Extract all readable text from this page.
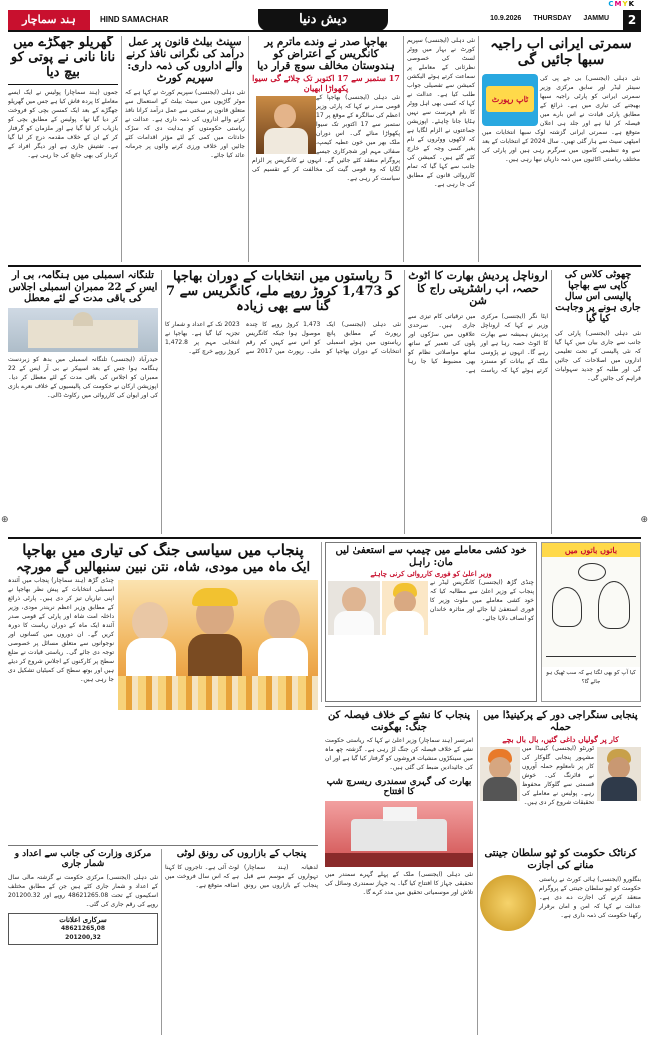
⊕	⊕
CMYK
ہند سماچار	HIND SAMACHAR	دیش دنیا	10.9.2026 THURSDAY JAMMU	2
گھریلو جھگڑے میں نانا نانی نے پوتی کو بیچ دیا
جموں (ہند سماچار) پولیس نے ایک ایسے معاملے کا پردہ فاش کیا ہے جس میں گھریلو جھگڑے کے بعد ایک کمسن بچی کو فروخت کر دیا گیا تھا۔ پولیس کے مطابق بچی کو بازیاب کر لیا گیا ہے اور ملزمان کو گرفتار کر کے ان کے خلاف مقدمہ درج کر لیا گیا ہے۔ تفتیش جاری ہے اور دیگر افراد کے کردار کی بھی جانچ کی جا رہی ہے۔
سینٹ بیلٹ قانون پر عمل درآمد کی نگرانی نافذ کرنے والے اداروں کی ذمہ داری: سپریم کورٹ
نئی دہلی (ایجنسی) سپریم کورٹ نے کہا ہے کہ موٹر گاڑیوں میں سیٹ بیلٹ کے استعمال سے متعلق قانون پر سختی سے عمل درآمد کرانا نافذ کرنے والے اداروں کی ذمہ داری ہے۔ عدالت نے ریاستی حکومتوں کو ہدایت دی کہ سڑک حادثات میں کمی کے لئے مؤثر اقدامات کئے جائیں اور خلاف ورزی کرنے والوں پر جرمانہ عائد کیا جائے۔
بھاجپا صدر نے وندے ماترم پر کانگریس کے اعتراض کو ہندوستان مخالف سوچ قرار دیا
17 ستمبر سے 17 اکتوبر تک چلائے گی سیوا پکھواڑا ابھیان
نئی دہلی (ایجنسی) بھاجپا کے قومی صدر نے کہا کہ پارٹی وزیر اعظم کی سالگرہ کے موقع پر 17 ستمبر سے 17 اکتوبر تک سیوا پکھواڑا منائے گی۔ اس دوران ملک بھر میں خون عطیہ کیمپ، صفائی مہم اور شجرکاری جیسے پروگرام منعقد کئے جائیں گے۔ انہوں نے کانگریس پر الزام لگایا کہ وہ قومی گیت کی مخالفت کر کے تقسیم کی سیاست کر رہی ہے۔
نئی دہلی (ایجنسی) سپریم کورٹ نے بہار میں ووٹر لسٹ کی خصوصی نظرثانی کے معاملے پر سماعت کرتے ہوئے الیکشن کمیشن سے تفصیلی جواب طلب کیا ہے۔ عدالت نے کہا کہ کسی بھی اہل ووٹر کا نام فہرست سے نہیں ہٹایا جانا چاہئے۔ اپوزیشن جماعتوں نے الزام لگایا ہے کہ لاکھوں ووٹروں کے نام بغیر کسی وجہ کے خارج کئے گئے ہیں۔ کمیشن کی جانب سے کہا گیا کہ تمام کارروائی قانون کے مطابق کی جا رہی ہے۔
سمرتی ایرانی اب راجیہ سبھا جائیں گی
ٹاپ رپورٹ
نئی دہلی (ایجنسی) بی جے پی کی سینئر لیڈر اور سابق مرکزی وزیر سمرتی ایرانی کو پارٹی راجیہ سبھا بھیجنے کی تیاری میں ہے۔ ذرائع کے مطابق پارٹی قیادت نے اس بارے میں فیصلہ کر لیا ہے اور جلد ہی اعلان متوقع ہے۔ سمرتی ایرانی گزشتہ لوک سبھا انتخابات میں امیٹھی سیٹ سے ہار گئی تھیں۔ سال 2024 کے انتخابات کے بعد سے وہ تنظیمی کاموں میں سرگرم رہی ہیں اور پارٹی کی مختلف ریاستی اکائیوں میں ذمہ داریاں نبھا رہی ہیں۔
تلنگانہ اسمبلی میں ہنگامہ، بی آر ایس کے 22 ممبران اسمبلی اجلاس کی باقی مدت کے لئے معطل
حیدرآباد (ایجنسی) تلنگانہ اسمبلی میں بدھ کو زبردست ہنگامہ ہوا جس کے بعد اسپیکر نے بی آر ایس کے 22 ممبران کو اجلاس کی باقی مدت کے لئے معطل کر دیا۔ اپوزیشن ارکان نے حکومت کی پالیسیوں کے خلاف نعرے بازی کی اور ایوان کی کارروائی میں رکاوٹ ڈالی۔
5 ریاستوں میں انتخابات کے دوران بھاجپا کو 1,473 کروڑ روپے ملے، کانگریس سے 7 گنا سے بھی زیادہ
نئی دہلی (ایجنسی) ایک رپورٹ کے مطابق پانچ ریاستوں میں ہوئے اسمبلی انتخابات کے دوران بھاجپا کو 1,473 کروڑ روپے کا چندہ موصول ہوا جبکہ کانگریس کو اس سے کہیں کم رقم ملی۔ رپورٹ میں 2017 سے 2023 تک کے اعداد و شمار کا تجزیہ کیا گیا ہے۔ بھاجپا نے انتخابی مہم پر 1,472.8 کروڑ روپے خرچ کئے۔
اروناچل پردیش بھارت کا اٹوٹ حصہ، اب راشٹرپتی راج کا شن
ایٹا نگر (ایجنسی) مرکزی وزیر نے کہا کہ اروناچل پردیش ہمیشہ سے بھارت کا اٹوٹ حصہ رہا ہے اور رہے گا۔ انہوں نے پڑوسی ملک کے بیانات کو مسترد کرتے ہوئے کہا کہ ریاست میں ترقیاتی کام تیزی سے جاری ہیں۔ سرحدی علاقوں میں سڑکوں اور پلوں کی تعمیر کے ساتھ ساتھ مواصلاتی نظام کو بھی مضبوط کیا جا رہا ہے۔
چھوٹی کلاس کی کاپی سے بھاجپا پالیسی اس سال جاری ہونے پر وجاہت کیا گیا
نئی دہلی (ایجنسی) پارٹی کی جانب سے جاری بیان میں کہا گیا کہ نئی پالیسی کے تحت تعلیمی اداروں میں اصلاحات کی جائیں گی اور طلبہ کو جدید سہولیات فراہم کی جائیں گی۔
پنجاب میں سیاسی جنگ کی تیاری میں بھاجپا
ایک ماہ میں مودی، شاہ، نتن نبین سنبھالیں گے مورچہ
چنڈی گڑھ (ہند سماچار) پنجاب میں آئندہ اسمبلی انتخابات کے پیش نظر بھاجپا نے اپنی تیاریاں تیز کر دی ہیں۔ پارٹی ذرائع کے مطابق وزیر اعظم نریندر مودی، وزیر داخلہ امت شاہ اور پارٹی کے قومی صدر آئندہ ایک ماہ کے دوران ریاست کا دورہ کریں گے۔ ان دوروں میں کسانوں اور نوجوانوں سے متعلق مسائل پر خصوصی توجہ دی جائے گی۔ ریاستی قیادت نے ضلع سطح پر کارکنوں کے اجلاس شروع کر دیئے ہیں اور بوتھ سطح کی کمیٹیاں تشکیل دی جا رہی ہیں۔
خود کشی معاملے میں چیمپ سے استعفیٰ لیں مان: راہل
وزیر اعلیٰ کو فوری کارروائی کرنی چاہئے
چنڈی گڑھ (ایجنسی) کانگریس لیڈر نے پنجاب کے وزیر اعلیٰ سے مطالبہ کیا کہ خود کشی معاملے میں ملوث وزیر کا فوری استعفیٰ لیا جائے اور متاثرہ خاندان کو انصاف دلایا جائے۔
باتوں باتوں میں
کیا آپ کو بھی لگتا ہے کہ سب ٹھیک ہو جائے گا؟
پنجابی سنگراجی دور کے پرکینیڈا میں حملہ
کار پر گولیاں داغی گئیں، بال بال بچے
ٹورنٹو (ایجنسی) کینیڈا میں مشہور پنجابی گلوکار کی کار پر نامعلوم حملہ آوروں نے فائرنگ کی۔ خوش قسمتی سے گلوکار محفوظ رہے۔ پولیس نے معاملے کی تحقیقات شروع کر دی ہیں۔
پنجاب کا نشے کے خلاف فیصلہ کن جنگ: بھگونت
امرتسر (ہند سماچار) وزیر اعلیٰ نے کہا کہ ریاستی حکومت نشے کے خلاف فیصلہ کن جنگ لڑ رہی ہے۔ گزشتہ چھ ماہ میں سینکڑوں منشیات فروشوں کو گرفتار کیا گیا ہے اور ان کی جائیدادیں ضبط کی گئی ہیں۔
بھارت کی گہری سمندری ریسرچ شپ کا افتتاح
نئی دہلی (ایجنسی) ملک کے پہلے گہرے سمندر میں تحقیقی جہاز کا افتتاح کیا گیا۔ یہ جہاز سمندری وسائل کی تلاش اور موسمیاتی تحقیق میں مدد کرے گا۔
کرناٹک حکومت کو ٹپو سلطان جینتی منانے کی اجازت
بنگلورو (ایجنسی) ہائی کورٹ نے ریاستی حکومت کو ٹپو سلطان جینتی کے پروگرام منعقد کرنے کی اجازت دے دی ہے۔ عدالت نے کہا کہ امن و امان برقرار رکھنا حکومت کی ذمہ داری ہے۔
پنجاب کے بازاروں کی رونق لوٹی
لدھیانہ (ہند سماچار) تہواروں کے موسم سے قبل پنجاب کے بازاروں میں رونق لوٹ آئی ہے۔ تاجروں کا کہنا ہے کہ اس سال فروخت میں اضافہ متوقع ہے۔
مرکزی وزارت کی جانب سے اعداد و شمار جاری
نئی دہلی (ایجنسی) مرکزی حکومت نے گزشتہ مالی سال کے اعداد و شمار جاری کئے ہیں جن کے مطابق مختلف اسکیموں کے تحت 48621265.08 روپے اور 201200.32 روپے کی رقم جاری کی گئی۔
سرکاری اعلانات
48621265,08
201200,32
